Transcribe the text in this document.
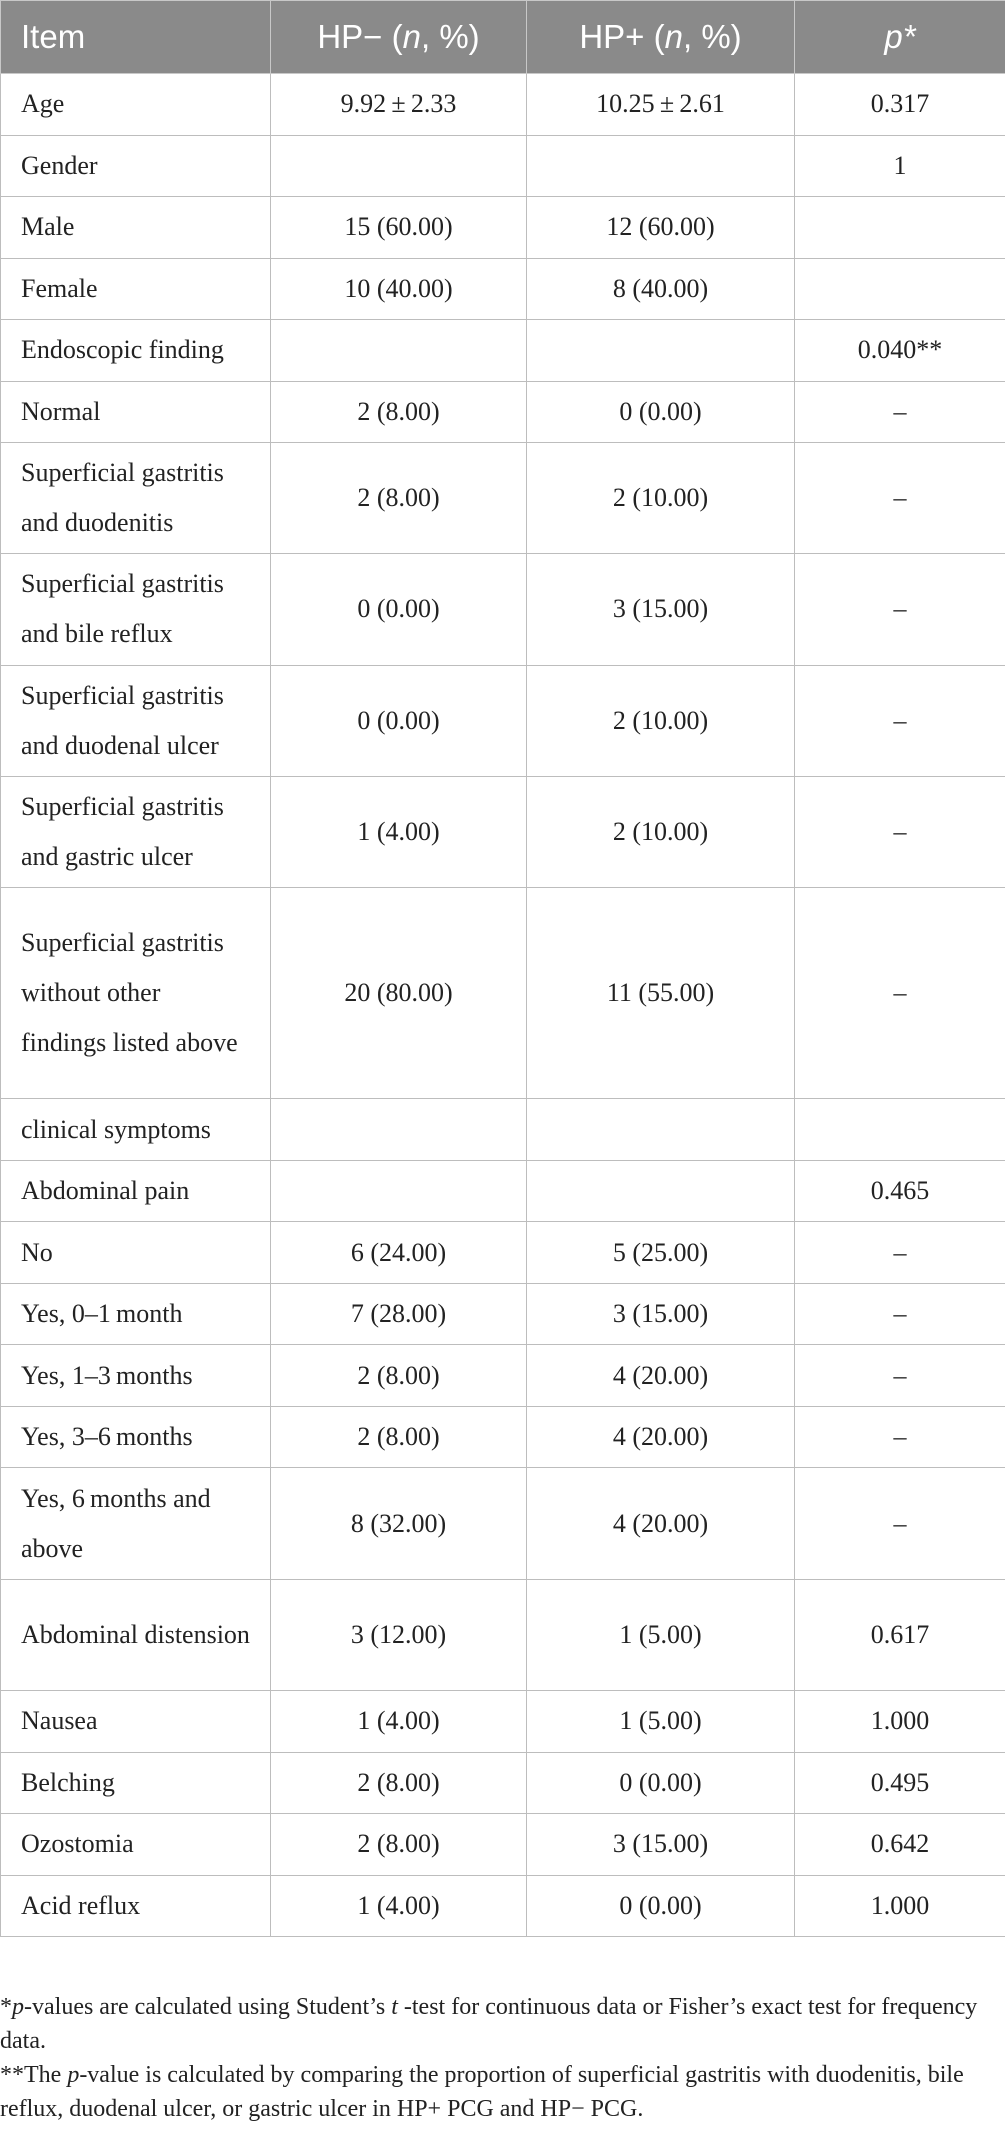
Item	HP− (n, %)	HP+ (n, %)	p*
Age	9.92 ± 2.33	10.25 ± 2.61	0.317
Gender			1
Male	15 (60.00)	12 (60.00)	
Female	10 (40.00)	8 (40.00)	
Endoscopic finding			0.040**
Normal	2 (8.00)	0 (0.00)	–
Superficial gastritis and duodenitis	2 (8.00)	2 (10.00)	–
Superficial gastritis and bile reflux	0 (0.00)	3 (15.00)	–
Superficial gastritis and duodenal ulcer	0 (0.00)	2 (10.00)	–
Superficial gastritis and gastric ulcer	1 (4.00)	2 (10.00)	–
Superficial gastritis without other findings listed above	20 (80.00)	11 (55.00)	–
clinical symptoms			
Abdominal pain			0.465
No	6 (24.00)	5 (25.00)	–
Yes, 0–1 month	7 (28.00)	3 (15.00)	–
Yes, 1–3 months	2 (8.00)	4 (20.00)	–
Yes, 3–6 months	2 (8.00)	4 (20.00)	–
Yes, 6 months and above	8 (32.00)	4 (20.00)	–
Abdominal distension	3 (12.00)	1 (5.00)	0.617
Nausea	1 (4.00)	1 (5.00)	1.000
Belching	2 (8.00)	0 (0.00)	0.495
Ozostomia	2 (8.00)	3 (15.00)	0.642
Acid reflux	1 (4.00)	0 (0.00)	1.000

*p-values are calculated using Student’s t -test for continuous data or Fisher’s exact test for frequency data.

**The p-value is calculated by comparing the proportion of superficial gastritis with duodenitis, bile reflux, duodenal ulcer, or gastric ulcer in HP+ PCG and HP− PCG.
